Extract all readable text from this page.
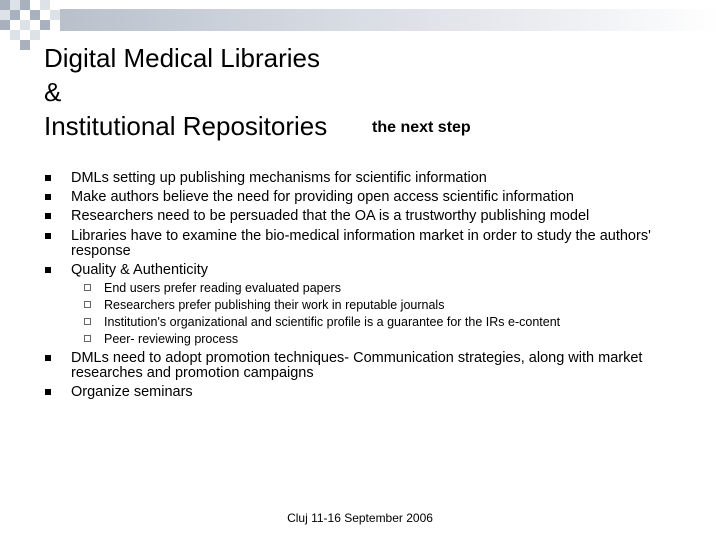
Digital Medical Libraries
&
Institutional Repositories	the next step
DMLs setting up publishing mechanisms for scientific information
Make authors believe the need for providing open access scientific information
Researchers need to be persuaded that the OA is a trustworthy publishing model
Libraries have to examine the bio-medical information market in order to study the authors' response
Quality & Authenticity
End users prefer reading evaluated papers
Researchers prefer publishing their work in reputable journals
Institution's organizational and scientific profile is a guarantee for the IRs e-content
Peer- reviewing process
DMLs need to adopt promotion techniques- Communication strategies, along with market researches and promotion campaigns
Organize seminars
Cluj 11-16 September 2006
